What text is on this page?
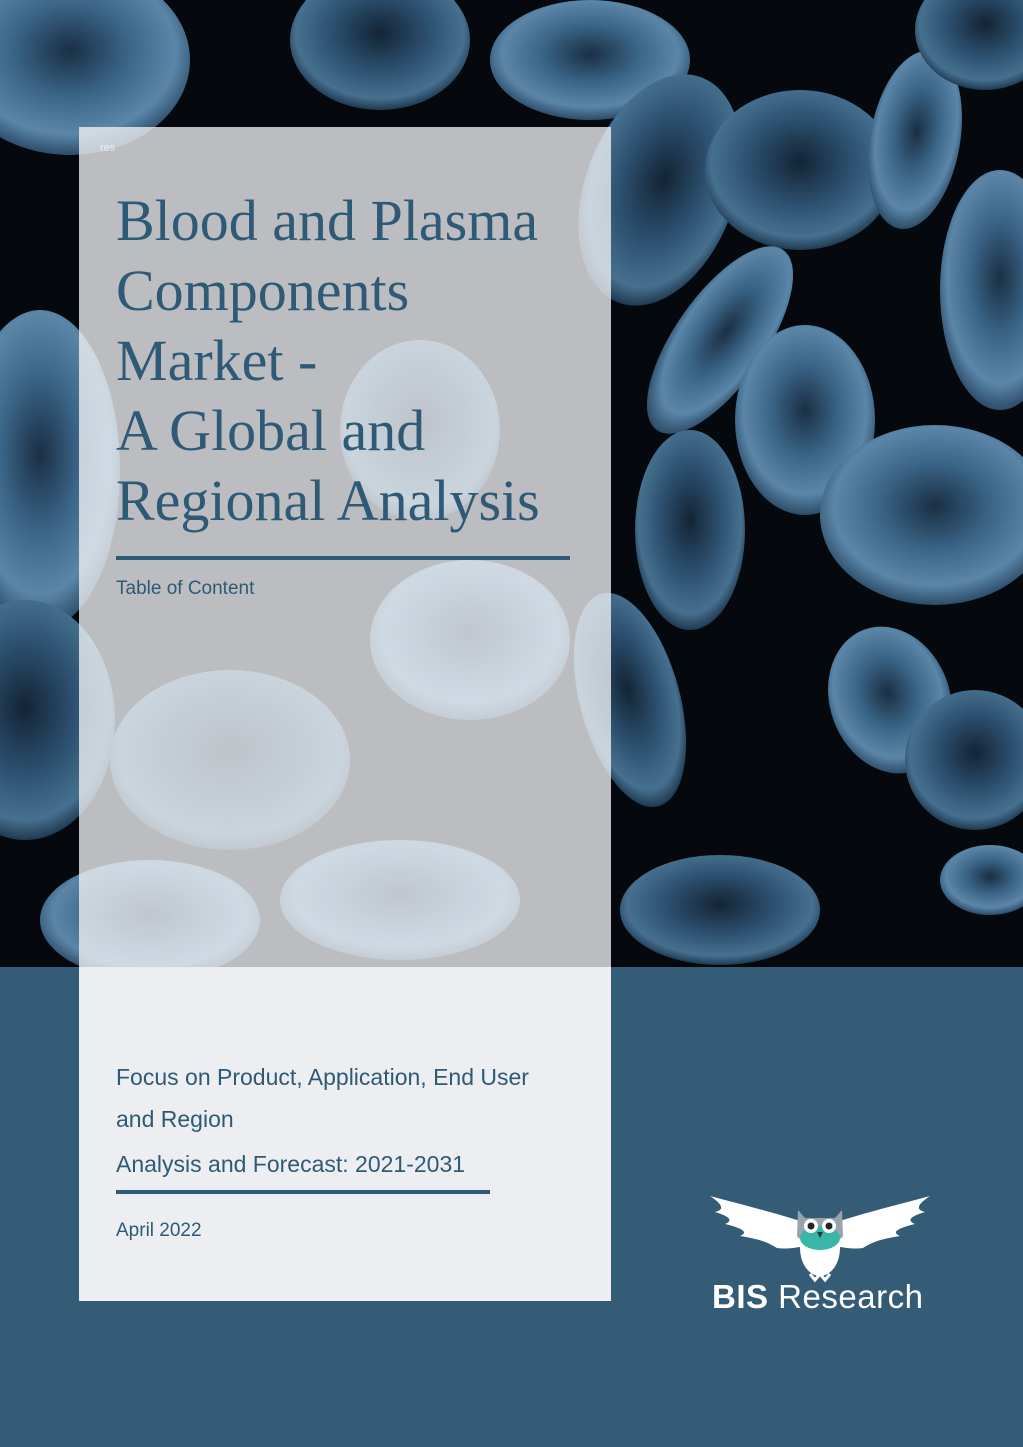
res
Blood and Plasma
Components
Market -
A Global and
Regional Analysis
Table of Content
Focus on Product, Application, End User
and Region
Analysis and Forecast: 2021-2031
April 2022
BIS Research
